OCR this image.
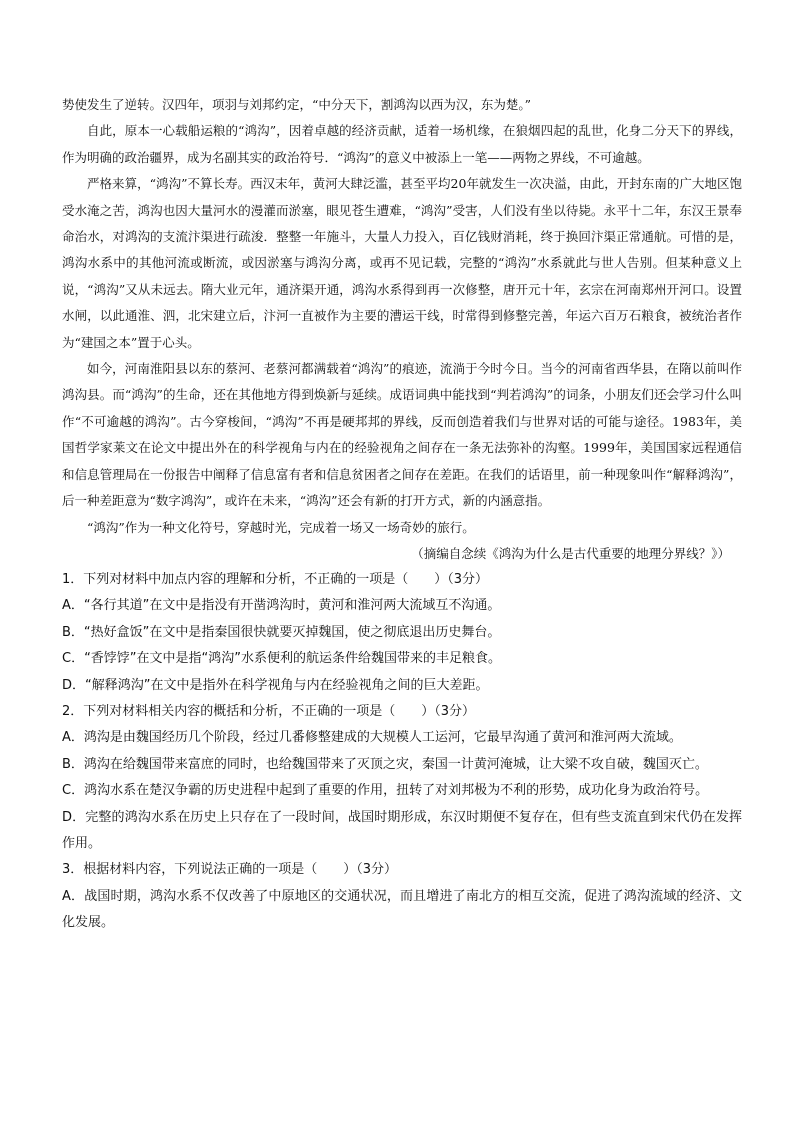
势使发生了逆转。汉四年，项羽与刘邦约定，“中分天下，割鸿沟以西为汉，东为楚。”

自此，原本一心载船运粮的“鸿沟”，因着卓越的经济贡献，适着一场机缘，在狼烟四起的乱世，化身二分天下的界线，作为明确的政治疆界，成为名副其实的政治符号．“鸿沟”的意义中被添上一笔——两物之界线，不可逾越。

严格来算，“鸿沟”不算长寿。西汉末年，黄河大肆泛滥，甚至平均20年就发生一次决溢，由此，开封东南的广大地区饱受水淹之苦，鸿沟也因大量河水的漫灌而淤塞，眼见苍生遭难，“鸿沟”受害，人们没有坐以待毙。永平十二年，东汉王景奉命治水，对鸿沟的支流汴渠进行疏浚．整整一年施斗，大量人力投入，百亿钱财消耗，终于换回汴渠正常通航。可惜的是，鸿沟水系中的其他河流或断流，或因淤塞与鸿沟分离，或再不见记载，完整的“鸿沟”水系就此与世人告别。但某种意义上说，“鸿沟”又从未远去。隋大业元年，通济渠开通，鸿沟水系得到再一次修整，唐开元十年，玄宗在河南郑州开河口。设置水闸，以此通淮、泗，北宋建立后，汴河一直被作为主要的漕运干线，时常得到修整完善，年运六百万石粮食，被统治者作为“建国之本”置于心头。

如今，河南淮阳县以东的蔡河、老蔡河都满载着“鸿沟”的痕迹，流淌于今时今日。当今的河南省西华县，在隋以前叫作鸿沟县。而“鸿沟”的生命，还在其他地方得到焕新与延续。成语词典中能找到“判若鸿沟”的词条，小朋友们还会学习什么叫作“不可逾越的鸿沟”。古今穿梭间，“鸿沟”不再是硬邦邦的界线，反而创造着我们与世界对话的可能与途径。1983年，美国哲学家莱文在论文中提出外在的科学视角与内在的经验视角之间存在一条无法弥补的沟壑。1999年，美国国家远程通信和信息管理局在一份报告中阐释了信息富有者和信息贫困者之间存在差距。在我们的话语里，前一种现象叫作“解释鸿沟”，后一种差距意为“数字鸿沟”，或许在未来，“鸿沟”还会有新的打开方式，新的内涵意指。

“鸿沟”作为一种文化符号，穿越时光，完成着一场又一场奇妙的旅行。

（摘编自念续《鸿沟为什么是古代重要的地理分界线？》）

1．下列对材料中加点内容的理解和分析，不正确的一项是（　　）（3分）

A．“各行其道”在文中是指没有开凿鸿沟时，黄河和淮河两大流域互不沟通。

B．“热好盒饭”在文中是指秦国很快就要灭掉魏国，使之彻底退出历史舞台。

C．“香饽饽”在文中是指“鸿沟”水系便利的航运条件给魏国带来的丰足粮食。

D．“解释鸿沟”在文中是指外在科学视角与内在经验视角之间的巨大差距。

2．下列对材料相关内容的概括和分析，不正确的一项是（　　）（3分）

A．鸿沟是由魏国经历几个阶段，经过几番修整建成的大规模人工运河，它最早沟通了黄河和淮河两大流域。

B．鸿沟在给魏国带来富庶的同时，也给魏国带来了灭顶之灾，秦国一计黄河淹城，让大梁不攻自破，魏国灭亡。

C．鸿沟水系在楚汉争霸的历史进程中起到了重要的作用，扭转了对刘邦极为不利的形势，成功化身为政治符号。

D．完整的鸿沟水系在历史上只存在了一段时间，战国时期形成，东汉时期便不复存在，但有些支流直到宋代仍在发挥作用。

3．根据材料内容，下列说法正确的一项是（　　）（3分）

A．战国时期，鸿沟水系不仅改善了中原地区的交通状况，而且增进了南北方的相互交流，促进了鸿沟流域的经济、文化发展。
